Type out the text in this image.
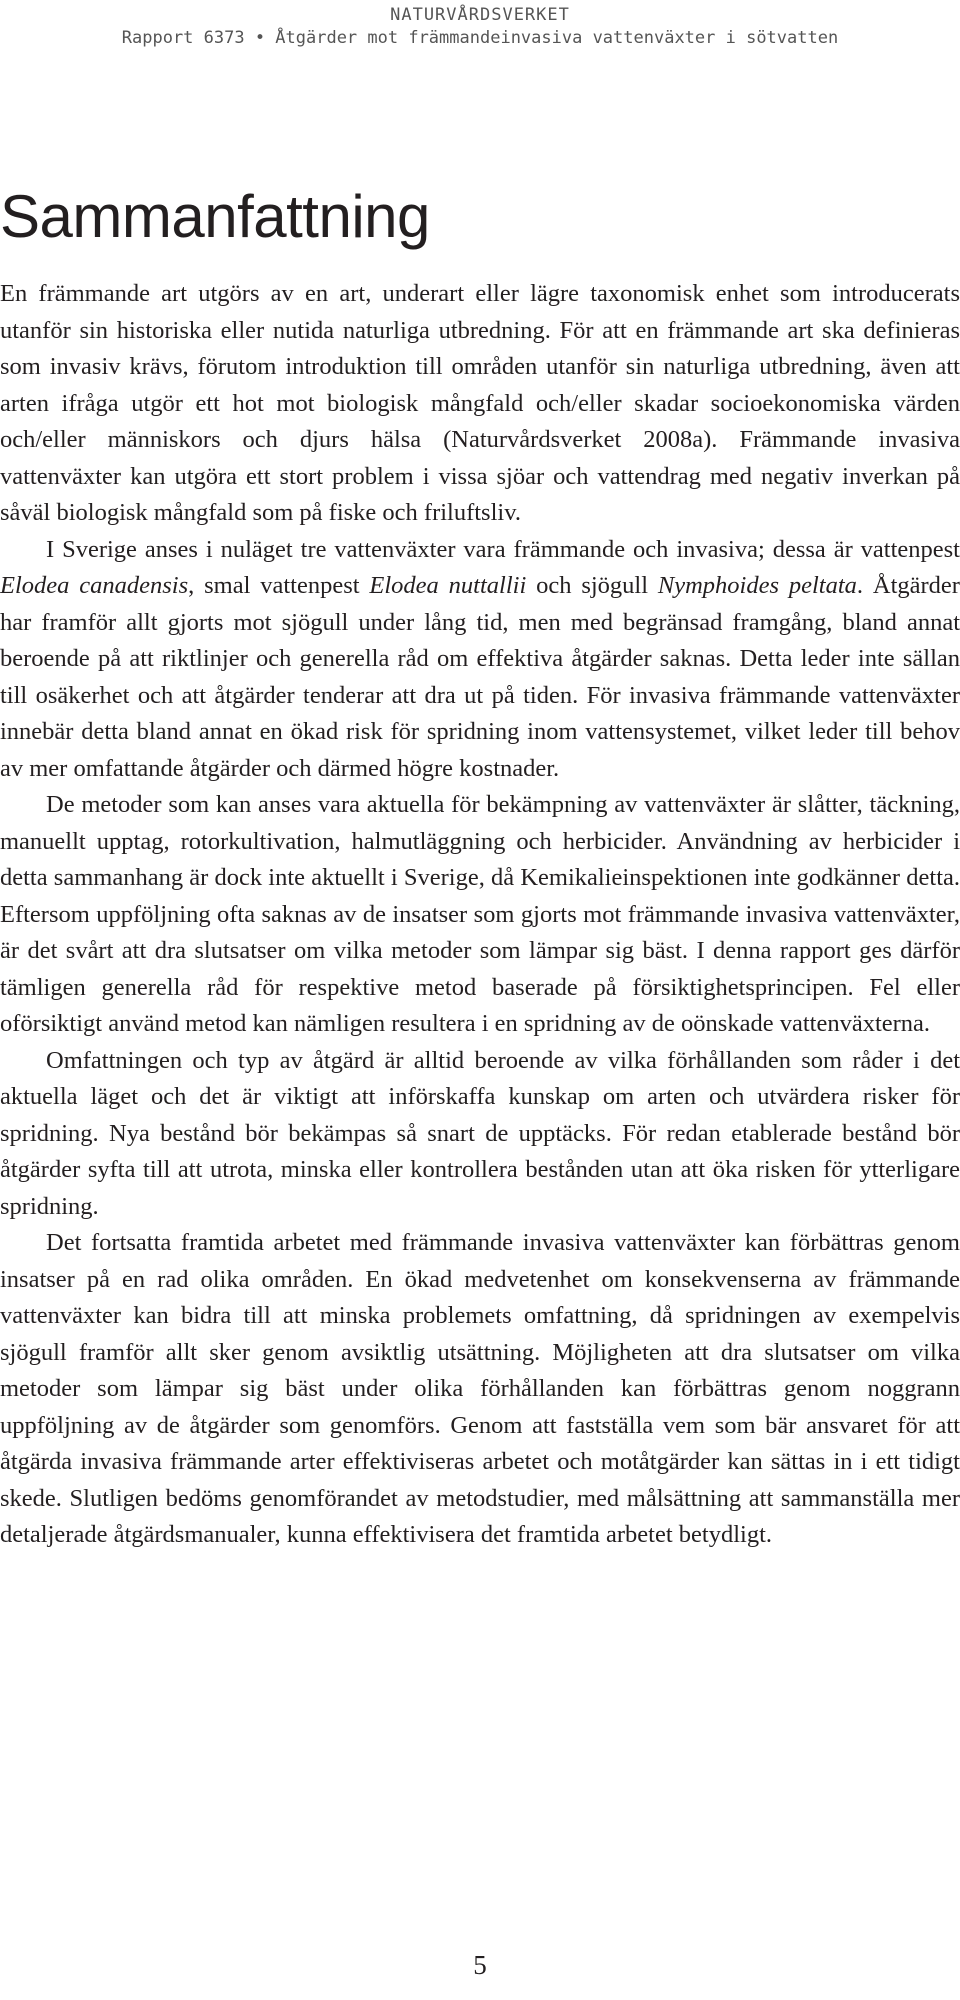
NATURVÅRDSVERKET
Rapport 6373 • Åtgärder mot främmandeinvasiva vattenväxter i sötvatten
Sammanfattning

En främmande art utgörs av en art, underart eller lägre taxonomisk enhet som introducerats utanför sin historiska eller nutida naturliga utbredning. För att en främmande art ska definieras som invasiv krävs, förutom introduktion till områden utanför sin naturliga utbredning, även att arten ifråga utgör ett hot mot biologisk mångfald och/eller skadar socioekonomiska värden och/eller människors och djurs hälsa (Naturvårdsverket 2008a). Främmande invasiva vattenväxter kan utgöra ett stort problem i vissa sjöar och vattendrag med negativ inverkan på såväl biologisk mångfald som på fiske och friluftsliv.

I Sverige anses i nuläget tre vattenväxter vara främmande och invasiva; dessa är vattenpest Elodea canadensis, smal vattenpest Elodea nuttallii och sjögull Nymphoides peltata. Åtgärder har framför allt gjorts mot sjögull under lång tid, men med begränsad framgång, bland annat beroende på att riktlinjer och generella råd om effektiva åtgärder saknas. Detta leder inte sällan till osäkerhet och att åtgärder tenderar att dra ut på tiden. För invasiva främmande vattenväxter innebär detta bland annat en ökad risk för spridning inom vattensystemet, vilket leder till behov av mer omfattande åtgärder och därmed högre kostnader.

De metoder som kan anses vara aktuella för bekämpning av vattenväxter är slåtter, täckning, manuellt upptag, rotorkultivation, halmutläggning och herbicider. Användning av herbicider i detta sammanhang är dock inte aktuellt i Sverige, då Kemikalieinspektionen inte godkänner detta. Eftersom uppföljning ofta saknas av de insatser som gjorts mot främmande invasiva vattenväxter, är det svårt att dra slutsatser om vilka metoder som lämpar sig bäst. I denna rapport ges därför tämligen generella råd för respektive metod baserade på försiktighetsprincipen. Fel eller oförsiktigt använd metod kan nämligen resultera i en spridning av de oönskade vattenväxterna.

Omfattningen och typ av åtgärd är alltid beroende av vilka förhållanden som råder i det aktuella läget och det är viktigt att införskaffa kunskap om arten och utvärdera risker för spridning. Nya bestånd bör bekämpas så snart de upptäcks. För redan etablerade bestånd bör åtgärder syfta till att utrota, minska eller kontrollera bestånden utan att öka risken för ytterligare spridning.

Det fortsatta framtida arbetet med främmande invasiva vattenväxter kan förbättras genom insatser på en rad olika områden. En ökad medvetenhet om konsekvenserna av främmande vattenväxter kan bidra till att minska problemets omfattning, då spridningen av exempelvis sjögull framför allt sker genom avsiktlig utsättning. Möjligheten att dra slutsatser om vilka metoder som lämpar sig bäst under olika förhållanden kan förbättras genom noggrann uppföljning av de åtgärder som genomförs. Genom att fastställa vem som bär ansvaret för att åtgärda invasiva främmande arter effektiviseras arbetet och motåtgärder kan sättas in i ett tidigt skede. Slutligen bedöms genomförandet av metodstudier, med målsättning att sammanställa mer detaljerade åtgärdsmanualer, kunna effektivisera det framtida arbetet betydligt.

5
